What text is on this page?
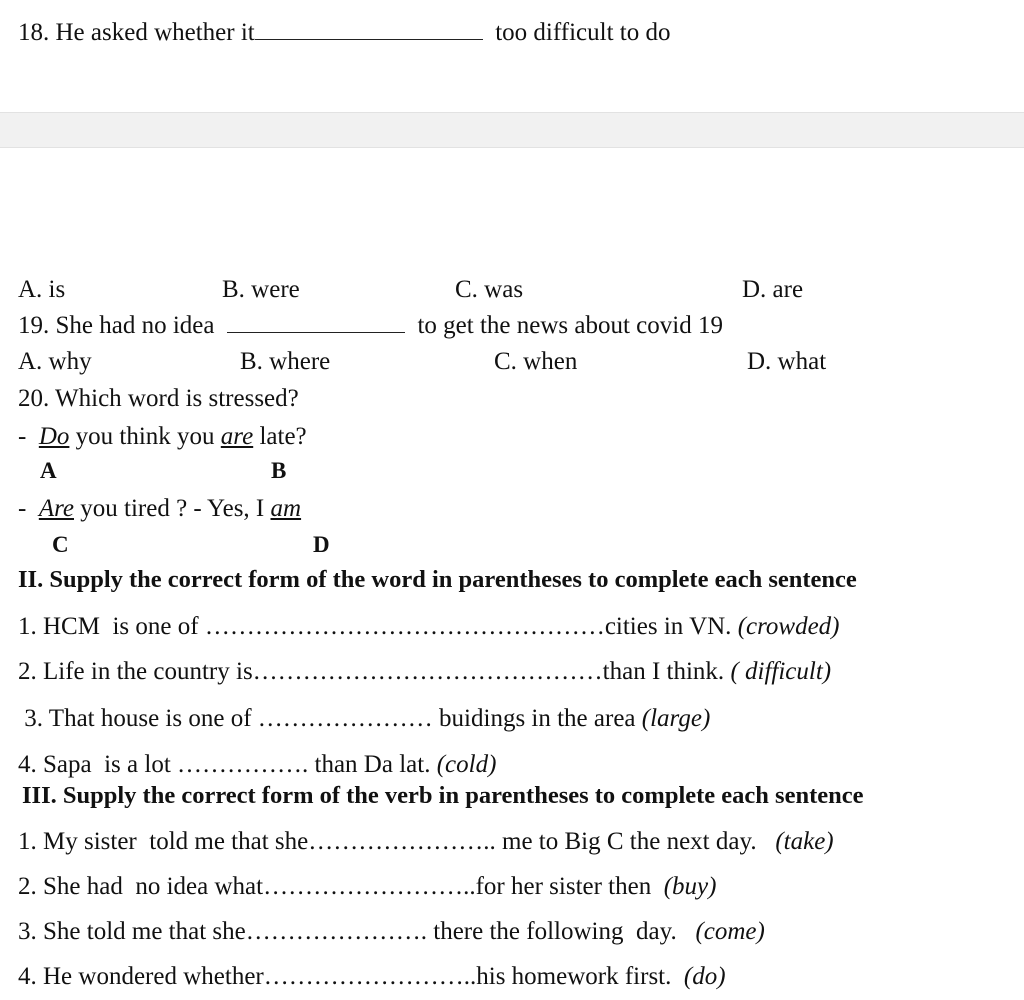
18. He asked whether it	too difficult to do
A. is	B. were	C. was	D. are
19. She had no idea	to get the news about covid 19
A. why	B. where	C. when	D. what
20. Which word is stressed?
- Do you think you are late?
A	B
- Are you tired ? - Yes, I am
C	D
II. Supply the correct form of the word in parentheses to complete each sentence
1. HCM  is one of …………………………………………cities in VN. (crowded)
2. Life in the country is……………………………………than I think. ( difficult)
3. That house is one of ………………… buidings in the area (large)
4. Sapa  is a lot ……………. than Da lat. (cold)
III. Supply the correct form of the verb in parentheses to complete each sentence
1. My sister  told me that she………………….. me to Big C the next day.   (take)
2. She had  no idea what……………………..for her sister then  (buy)
3. She told me that she…………………. there the following  day.   (come)
4. He wondered whether……………………..his homework first.  (do)
